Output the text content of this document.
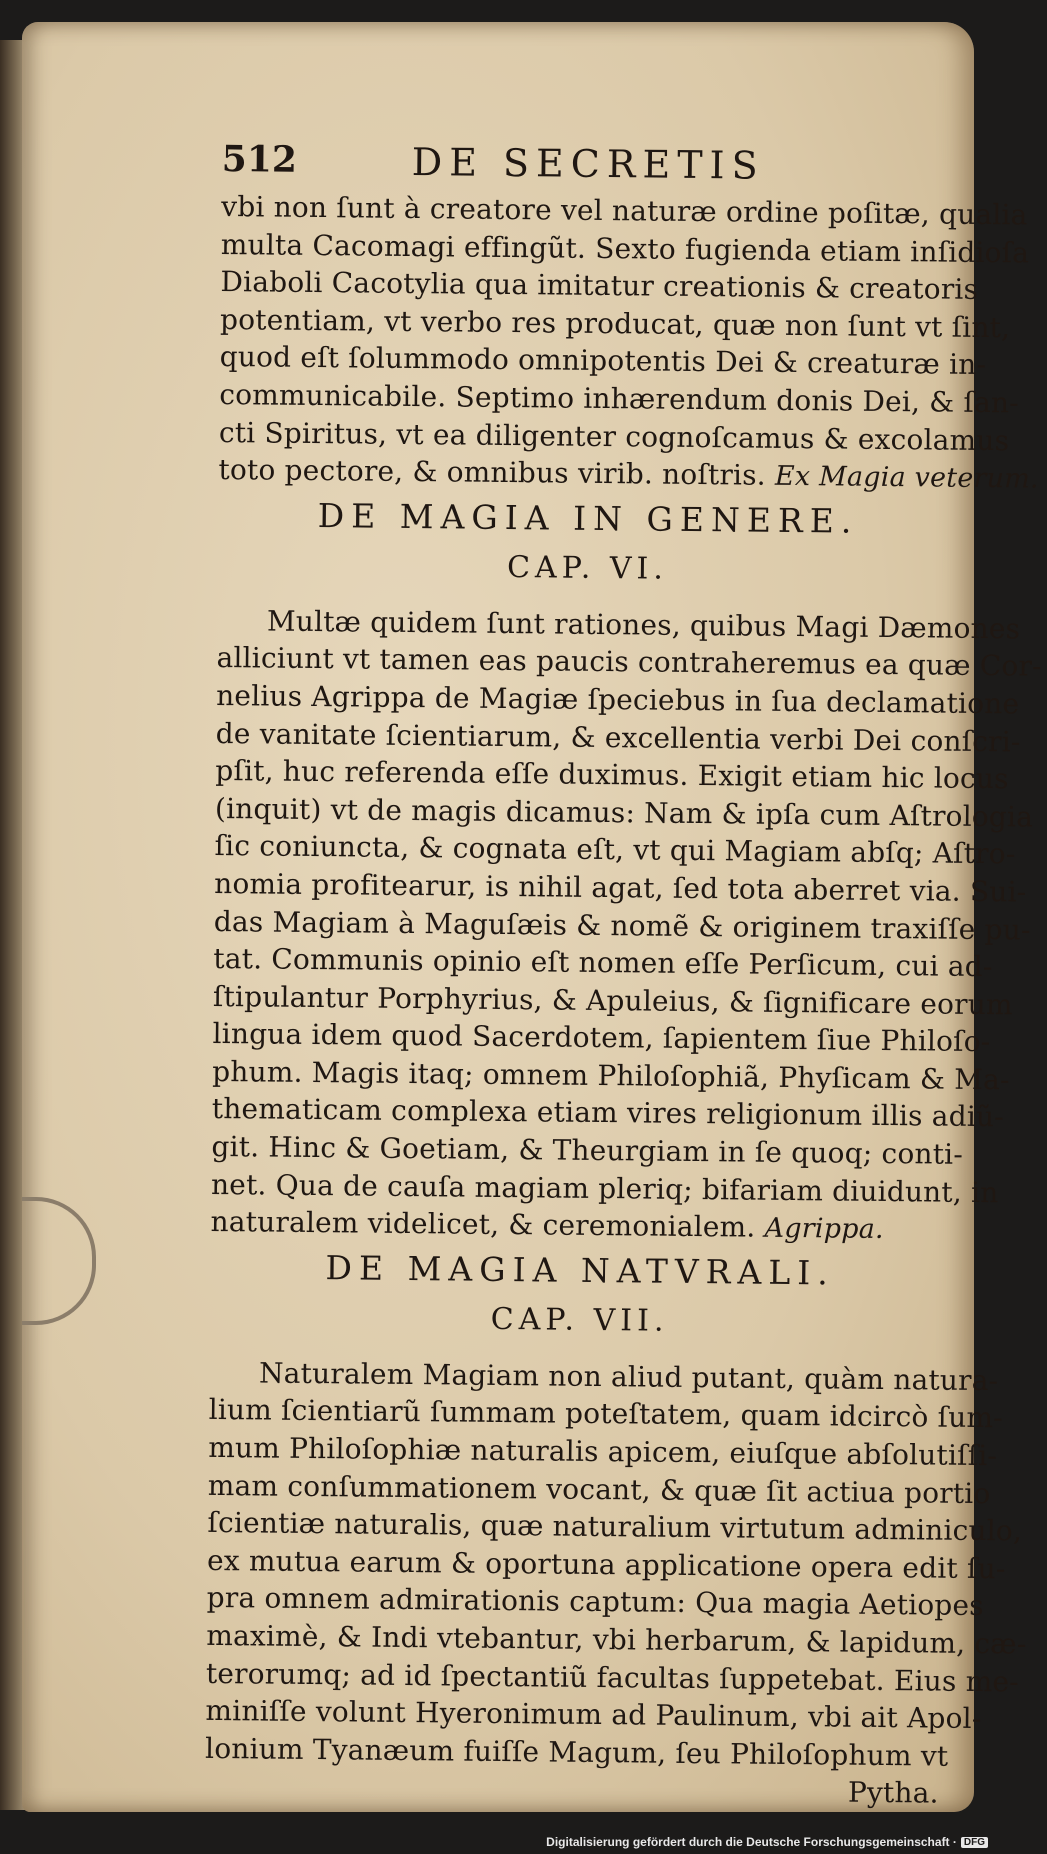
512	DE SECRETIS
vbi non ſunt à creatore vel naturæ ordine poſitæ, qualia
multa Cacomagi effingũt. Sexto fugienda etiam inſidioſa
Diaboli Cacotylia qua imitatur creationis & creatoris
potentiam, vt verbo res producat, quæ non ſunt vt ſint,
quod eſt ſolummodo omnipotentis Dei & creaturæ in-
communicabile. Septimo inhærendum donis Dei, & ſan-
cti Spiritus, vt ea diligenter cognoſcamus & excolamus
toto pectore, & omnibus virib. noſtris. Ex Magia veterum.
DE MAGIA IN GENERE.
CAP. VI.
Multæ quidem ſunt rationes, quibus Magi Dæmones
alliciunt vt tamen eas paucis contraheremus ea quæ Cor-
nelius Agrippa de Magiæ ſpeciebus in ſua declamatione
de vanitate ſcientiarum, & excellentia verbi Dei conſcri-
pſit, huc referenda eſſe duximus. Exigit etiam hic locus
(inquit) vt de magis dicamus: Nam & ipſa cum Aſtrologia
ſic coniuncta, & cognata eſt, vt qui Magiam abſq; Aſtro-
nomia profitearur, is nihil agat, ſed tota aberret via. Sui-
das Magiam à Maguſæis & nomẽ & originem traxiſſe pu-
tat. Communis opinio eſt nomen eſſe Perſicum, cui ad-
ſtipulantur Porphyrius, & Apuleius, & ſignificare eorum
lingua idem quod Sacerdotem, ſapientem ſiue Philoſo-
phum. Magis itaq; omnem Philoſophiã, Phyſicam & Ma-
thematicam complexa etiam vires religionum illis adiũ-
git. Hinc & Goetiam, & Theurgiam in ſe quoq; conti-
net. Qua de cauſa magiam pleriq; bifariam diuidunt, in
naturalem videlicet, & ceremonialem. Agrippa.
DE MAGIA NATVRALI.
CAP. VII.
Naturalem Magiam non aliud putant, quàm natura-
lium ſcientiarũ ſummam poteſtatem, quam idcircò ſum-
mum Philoſophiæ naturalis apicem, eiuſque abſolutiſſi-
mam conſummationem vocant, & quæ ſit actiua portio
ſcientiæ naturalis, quæ naturalium virtutum adminiculo,
ex mutua earum & oportuna applicatione opera edit ſu-
pra omnem admirationis captum: Qua magia Aetiopes
maximè, & Indi vtebantur, vbi herbarum, & lapidum, cæ-
terorumq; ad id ſpectantiũ facultas ſuppetebat. Eius me-
miniſſe volunt Hyeronimum ad Paulinum, vbi ait Apol-
lonium Tyanæum fuiſſe Magum, ſeu Philoſophum vt
Pytha.
Digitalisierung gefördert durch die Deutsche Forschungsgemeinschaft · DFG
